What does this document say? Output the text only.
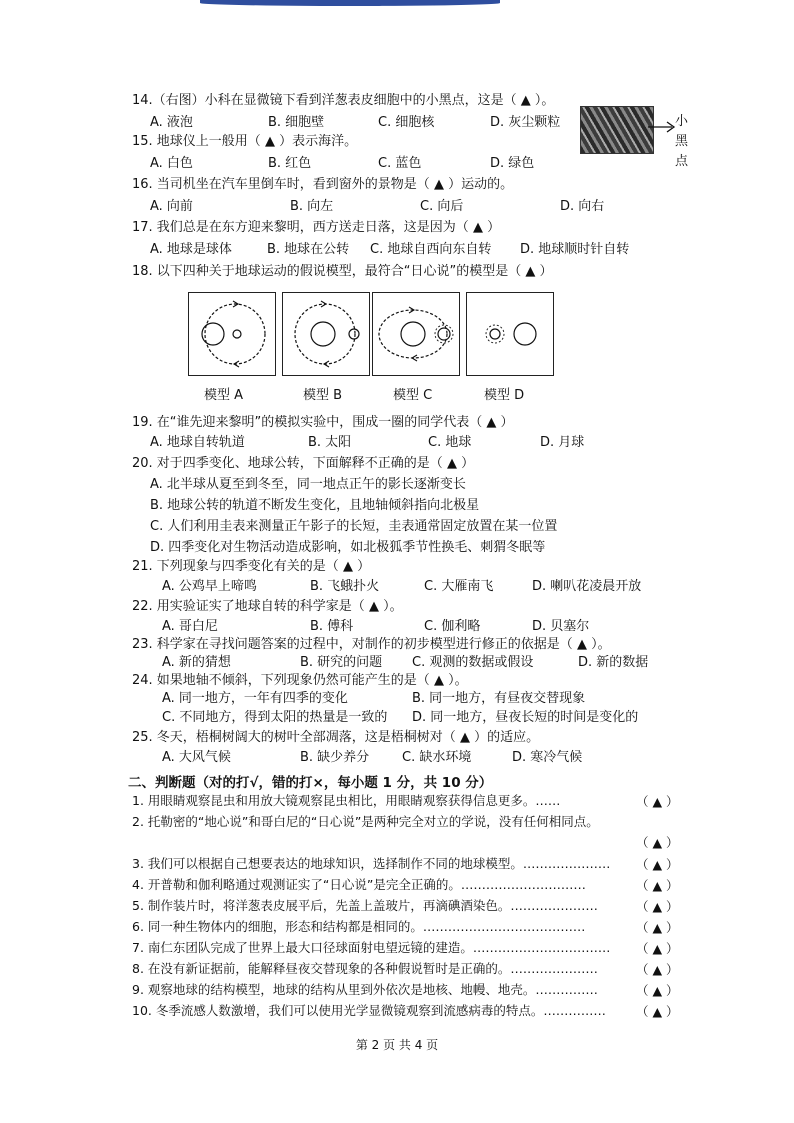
14.（右图）小科在显微镜下看到洋葱表皮细胞中的小黑点，这是（ ▲ ）。
A. 液泡	B. 细胞壁	C. 细胞核	D. 灰尘颗粒	小
黑
点
15. 地球仪上一般用（ ▲ ）表示海洋。
A. 白色	B. 红色	C. 蓝色	D. 绿色
16. 当司机坐在汽车里倒车时，看到窗外的景物是（ ▲ ）运动的。
A. 向前	B. 向左	C. 向后	D. 向右
17. 我们总是在东方迎来黎明，西方送走日落，这是因为（ ▲ ）
A. 地球是球体	B. 地球在公转 C. 地球自西向东自转 D. 地球顺时针自转
18. 以下四种关于地球运动的假说模型，最符合“日心说”的模型是（ ▲ ）
模型 A	模型 B	模型 C	模型 D
19. 在“谁先迎来黎明”的模拟实验中，围成一圈的同学代表（ ▲ ）
A. 地球自转轨道	B. 太阳	C. 地球	D. 月球
20. 对于四季变化、地球公转，下面解释不正确的是（ ▲ ）
A. 北半球从夏至到冬至，同一地点正午的影长逐渐变长
B. 地球公转的轨道不断发生变化，且地轴倾斜指向北极星
C. 人们利用圭表来测量正午影子的长短，圭表通常固定放置在某一位置
D. 四季变化对生物活动造成影响，如北极狐季节性换毛、刺猬冬眠等
21. 下列现象与四季变化有关的是（ ▲ ）
A. 公鸡早上啼鸣	B. 飞蛾扑火	C. 大雁南飞	D. 喇叭花凌晨开放
22. 用实验证实了地球自转的科学家是（ ▲ ）。
A. 哥白尼	B. 傅科	C. 伽利略	D. 贝塞尔
23. 科学家在寻找问题答案的过程中，对制作的初步模型进行修正的依据是（ ▲ ）。
A. 新的猜想	B. 研究的问题 C. 观测的数据或假设	D. 新的数据
24. 如果地轴不倾斜，下列现象仍然可能产生的是（ ▲ ）。
A. 同一地方，一年有四季的变化	B. 同一地方，有昼夜交替现象
C. 不同地方，得到太阳的热量是一致的 D. 同一地方，昼夜长短的时间是变化的
25. 冬天，梧桐树阔大的树叶全部凋落，这是梧桐树对（ ▲ ）的适应。
A. 大风气候	B. 缺少养分	C. 缺水环境	D. 寒冷气候
二、判断题（对的打√，错的打×，每小题 1 分，共 10 分）
1. 用眼睛观察昆虫和用放大镜观察昆虫相比，用眼睛观察获得信息更多。……	（ ▲ ）
2. 托勒密的“地心说”和哥白尼的“日心说”是两种完全对立的学说，没有任何相同点。
（ ▲ ）
3. 我们可以根据自己想要表达的地球知识，选择制作不同的地球模型。………………… （ ▲ ）
4. 开普勒和伽利略通过观测证实了“日心说”是完全正确的。…………………………	（ ▲ ）
5. 制作装片时，将洋葱表皮展平后，先盖上盖玻片，再滴碘酒染色。…………………	（ ▲ ）
6. 同一种生物体内的细胞，形态和结构都是相同的。…………………………………	（ ▲ ）
7. 南仁东团队完成了世界上最大口径球面射电望远镜的建造。…………………………… （ ▲ ）
8. 在没有新证据前，能解释昼夜交替现象的各种假说暂时是正确的。…………………	（ ▲ ）
9. 观察地球的结构模型，地球的结构从里到外依次是地核、地幔、地壳。……………	（ ▲ ）
10. 冬季流感人数激增，我们可以使用光学显微镜观察到流感病毒的特点。…………… （ ▲ ）
第 2 页 共 4 页
